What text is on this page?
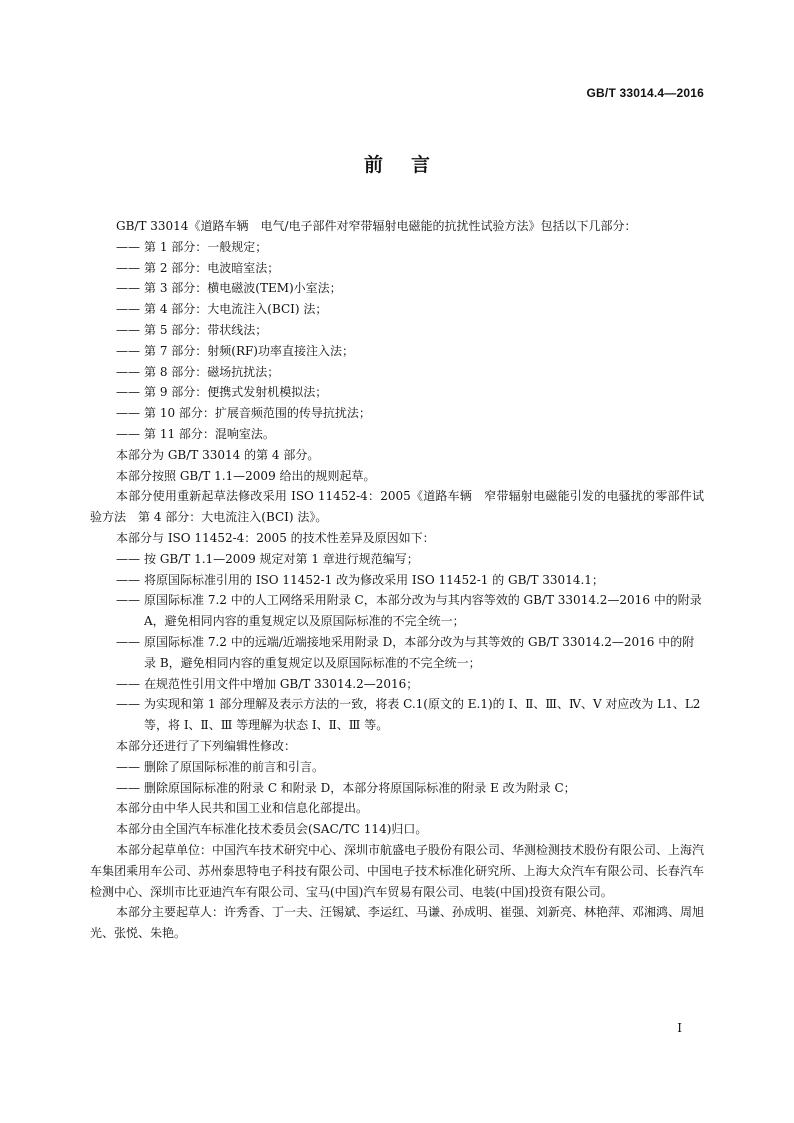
GB/T 33014.4—2016
前言

GB/T 33014《道路车辆　电气/电子部件对窄带辐射电磁能的抗扰性试验方法》包括以下几部分：

—— 第 1 部分：一般规定；

—— 第 2 部分：电波暗室法；

—— 第 3 部分：横电磁波(TEM)小室法；

—— 第 4 部分：大电流注入(BCI) 法；

—— 第 5 部分：带状线法；

—— 第 7 部分：射频(RF)功率直接注入法；

—— 第 8 部分：磁场抗扰法；

—— 第 9 部分：便携式发射机模拟法；

—— 第 10 部分：扩展音频范围的传导抗扰法；

—— 第 11 部分：混响室法。

本部分为 GB/T 33014 的第 4 部分。

本部分按照 GB/T 1.1—2009 给出的规则起草。

本部分使用重新起草法修改采用 ISO 11452-4：2005《道路车辆　窄带辐射电磁能引发的电骚扰的零部件试验方法　第 4 部分：大电流注入(BCI) 法》。

本部分与 ISO 11452-4：2005 的技术性差异及原因如下：

—— 按 GB/T 1.1—2009 规定对第 1 章进行规范编写；

—— 将原国际标准引用的 ISO 11452-1 改为修改采用 ISO 11452-1 的 GB/T 33014.1；

—— 原国际标准 7.2 中的人工网络采用附录 C，本部分改为与其内容等效的 GB/T 33014.2—2016 中的附录 A，避免相同内容的重复规定以及原国际标准的不完全统一；

—— 原国际标准 7.2 中的远端/近端接地采用附录 D，本部分改为与其等效的 GB/T 33014.2—2016 中的附录 B，避免相同内容的重复规定以及原国际标准的不完全统一；

—— 在规范性引用文件中增加 GB/T 33014.2—2016；

—— 为实现和第 1 部分理解及表示方法的一致，将表 C.1(原文的 E.1)的 Ⅰ、Ⅱ、Ⅲ、Ⅳ、Ⅴ 对应改为 L1、L2 等，将 Ⅰ、Ⅱ、Ⅲ 等理解为状态 Ⅰ、Ⅱ、Ⅲ 等。

本部分还进行了下列编辑性修改：

—— 删除了原国际标准的前言和引言。

—— 删除原国际标准的附录 C 和附录 D，本部分将原国际标准的附录 E 改为附录 C；

本部分由中华人民共和国工业和信息化部提出。

本部分由全国汽车标准化技术委员会(SAC/TC 114)归口。

本部分起草单位：中国汽车技术研究中心、深圳市航盛电子股份有限公司、华测检测技术股份有限公司、上海汽车集团乘用车公司、苏州泰思特电子科技有限公司、中国电子技术标准化研究所、上海大众汽车有限公司、长春汽车检测中心、深圳市比亚迪汽车有限公司、宝马(中国)汽车贸易有限公司、电装(中国)投资有限公司。

本部分主要起草人：许秀香、丁一夫、汪锡斌、李运红、马谦、孙成明、崔强、刘新亮、林艳萍、邓湘鸿、周旭光、张悦、朱艳。

I
